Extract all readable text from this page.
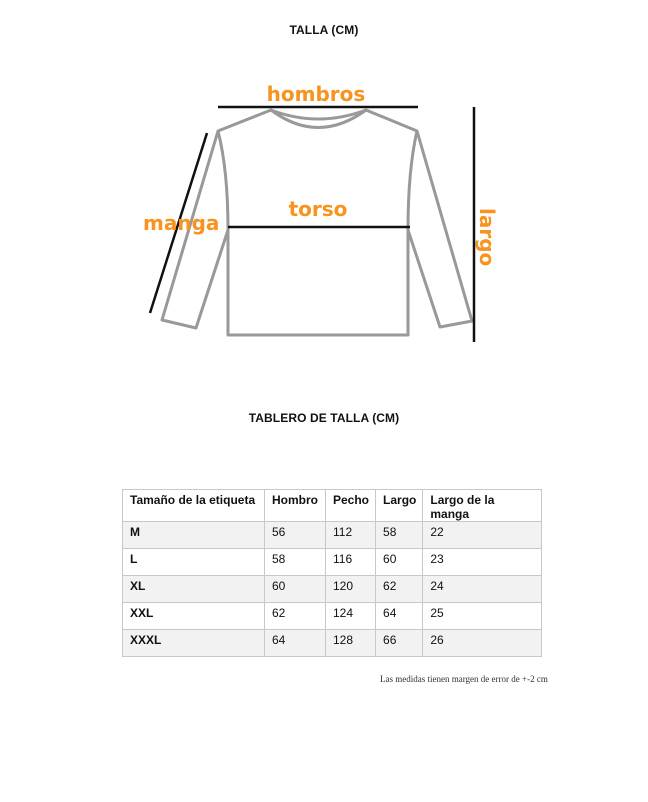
TALLA (CM)
hombros
torso
manga	largo
TABLERO DE TALLA (CM)
Tamaño de la etiqueta	Hombro	Pecho	Largo	Largo de la manga
M	56	112	58	22
L	58	116	60	23
XL	60	120	62	24
XXL	62	124	64	25
XXXL	64	128	66	26
Las medidas tienen margen de error de +-2 cm
